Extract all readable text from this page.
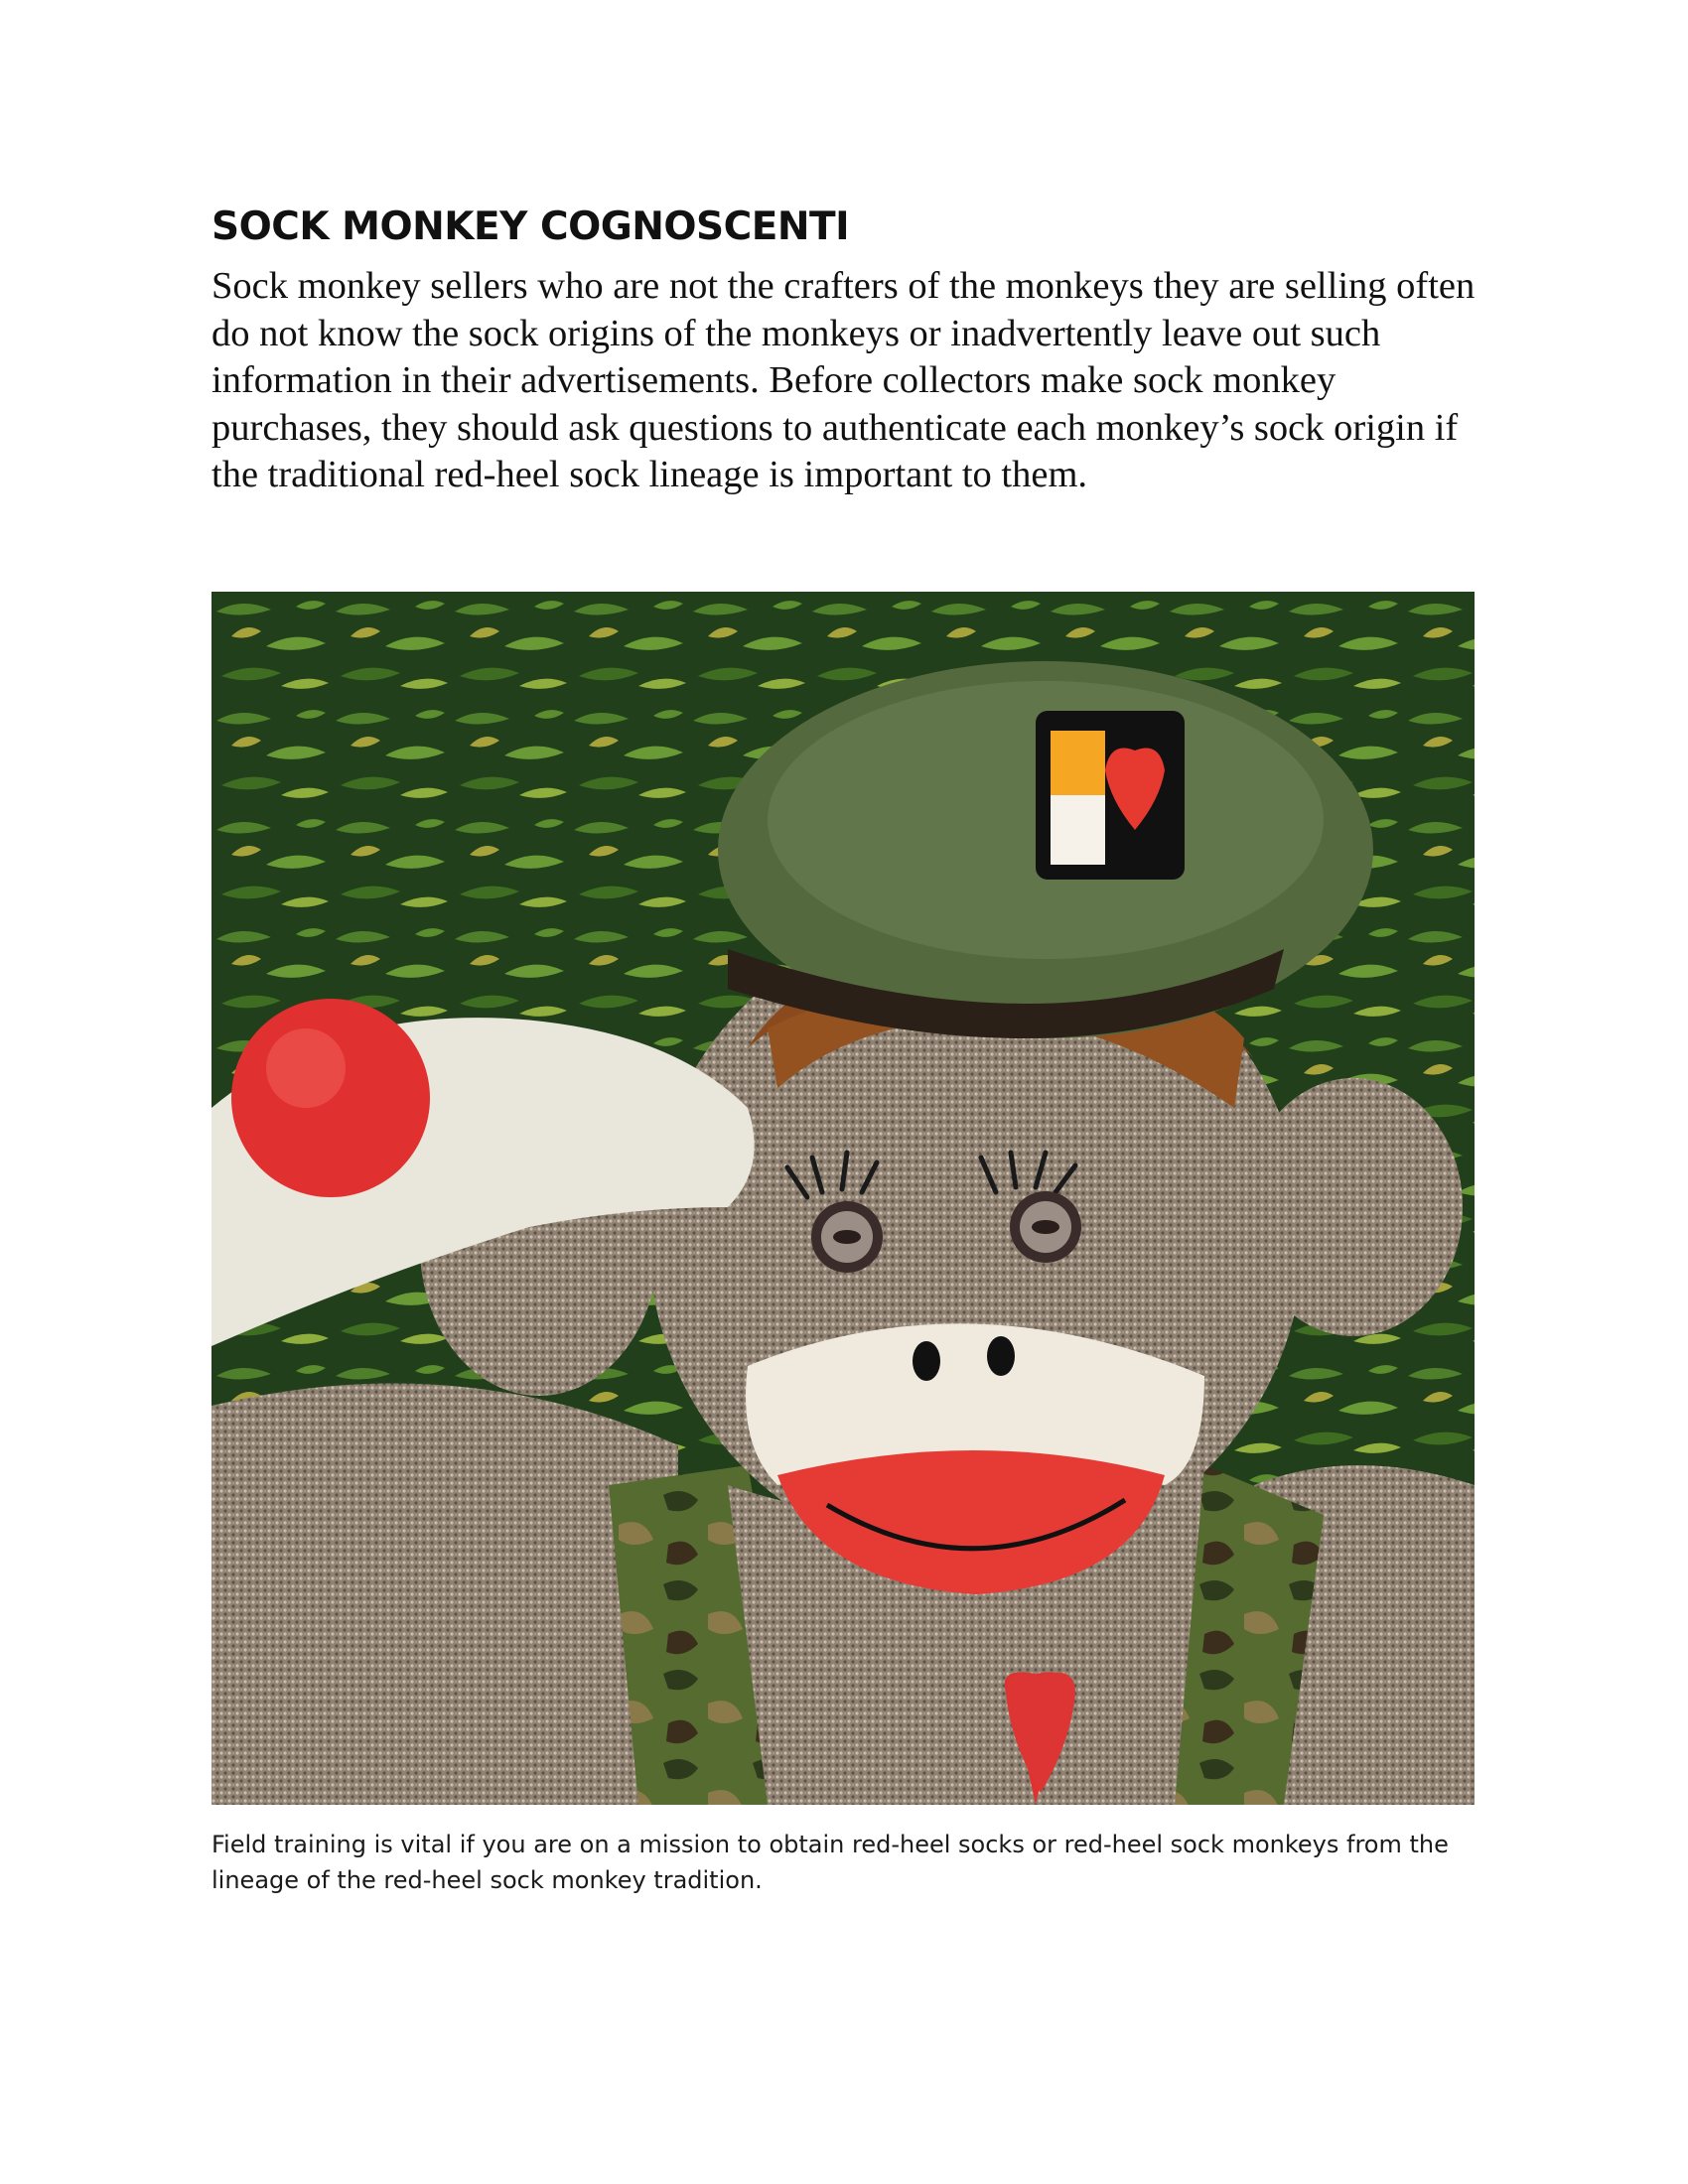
SOCK MONKEY COGNOSCENTI

Sock monkey sellers who are not the crafters of the monkeys they are selling often do not know the sock origins of the monkeys or inadvertently leave out such information in their advertisements. Before collectors make sock monkey purchases, they should ask questions to authenticate each monkey’s sock origin if the traditional red-heel sock lineage is important to them.

Field training is vital if you are on a mission to obtain red-heel socks or red-heel sock monkeys from the lineage of the red-heel sock monkey tradition.
